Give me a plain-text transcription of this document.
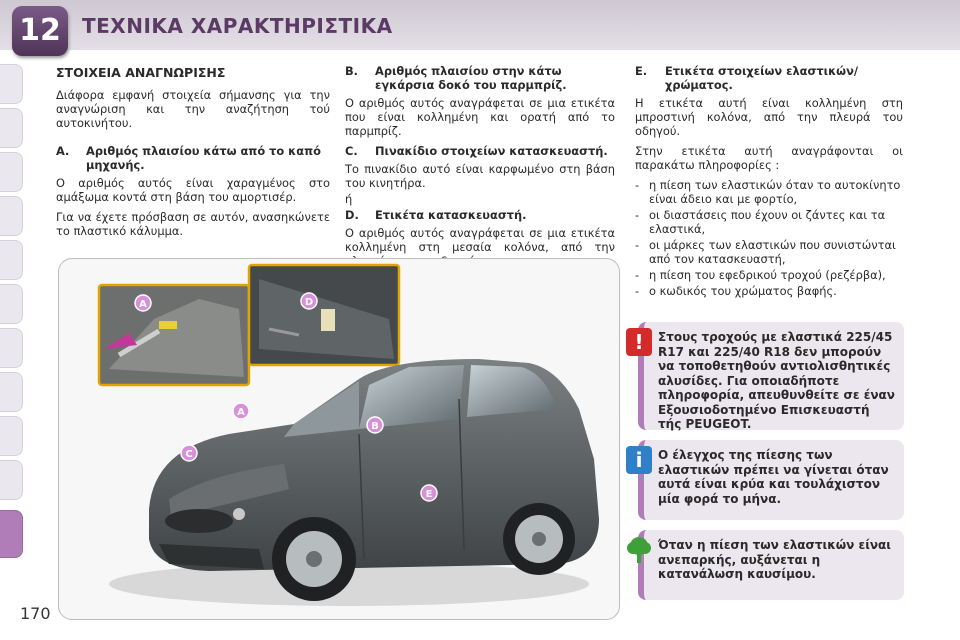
12	ΤΕΧΝΙΚΑ ΧΑΡΑΚΤΗΡΙΣΤΙΚΑ
ΣΤΟΙΧΕΙΑ ΑΝΑΓΝΩΡΙΣΗΣ

Διάφορα εμφανή στοιχεία σήμανσης για την αναγνώριση και την αναζήτηση τού αυτοκινήτου.

A.	Αριθμός πλαισίου κάτω από το καπό μηχανής.

Ο αριθμός αυτός είναι χαραγμένος στο αμάξωμα κοντά στη βάση του αμορτισέρ.

Για να έχετε πρόσβαση σε αυτόν, ανασηκώνετε το πλαστικό κάλυμμα.

B.	Αριθμός πλαισίου στην κάτω εγκάρσια δοκό του παρμπρίζ.

Ο αριθμός αυτός αναγράφεται σε μια ετικέτα που είναι κολλημένη και ορατή από το παρμπρίζ.

C.	Πινακίδιο στοιχείων κατασκευαστή.

Το πινακίδιο αυτό είναι καρφωμένο στη βάση του κινητήρα.

ή

D.	Ετικέτα κατασκευαστή.

Ο αριθμός αυτός αναγράφεται σε μια ετικέτα κολλημένη στη μεσαία κολόνα, από την

E.	Ετικέτα στοιχείων ελαστικών/ χρώματος.

Η ετικέτα αυτή είναι κολλημένη στη μπροστινή κολόνα, από την πλευρά του οδηγού.

Στην ετικέτα αυτή αναγράφονται οι παρακάτω πληροφορίες :

- η πίεση των ελαστικών όταν το αυτοκίνητο είναι άδειο και με φορτίο,
- οι διαστάσεις που έχουν οι ζάντες και τα ελαστικά,
- οι μάρκες των ελαστικών που συνιστώνται από τον κατασκευαστή,
- η πίεση του εφεδρικού τροχού (ρεζέρβα),
- ο κωδικός του χρώματος βαφής.
A
A
B
C
D
E
!	Στους τροχούς με ελαστικά 225/45 R17 και 225/40 R18 δεν μπορούν να τοποθετηθούν αντιολισθητικές αλυσίδες. Για οποιαδήποτε πληροφορία, απευθυνθείτε σε έναν Εξουσιοδοτημένο Επισκευαστή τής PEUGEOT.
i	Ο έλεγχος της πίεσης των ελαστικών πρέπει να γίνεται όταν αυτά είναι κρύα και τουλάχιστον μία φορά το μήνα.
Όταν η πίεση των ελαστικών είναι ανεπαρκής, αυξάνεται η κατανάλωση καυσίμου.
170
